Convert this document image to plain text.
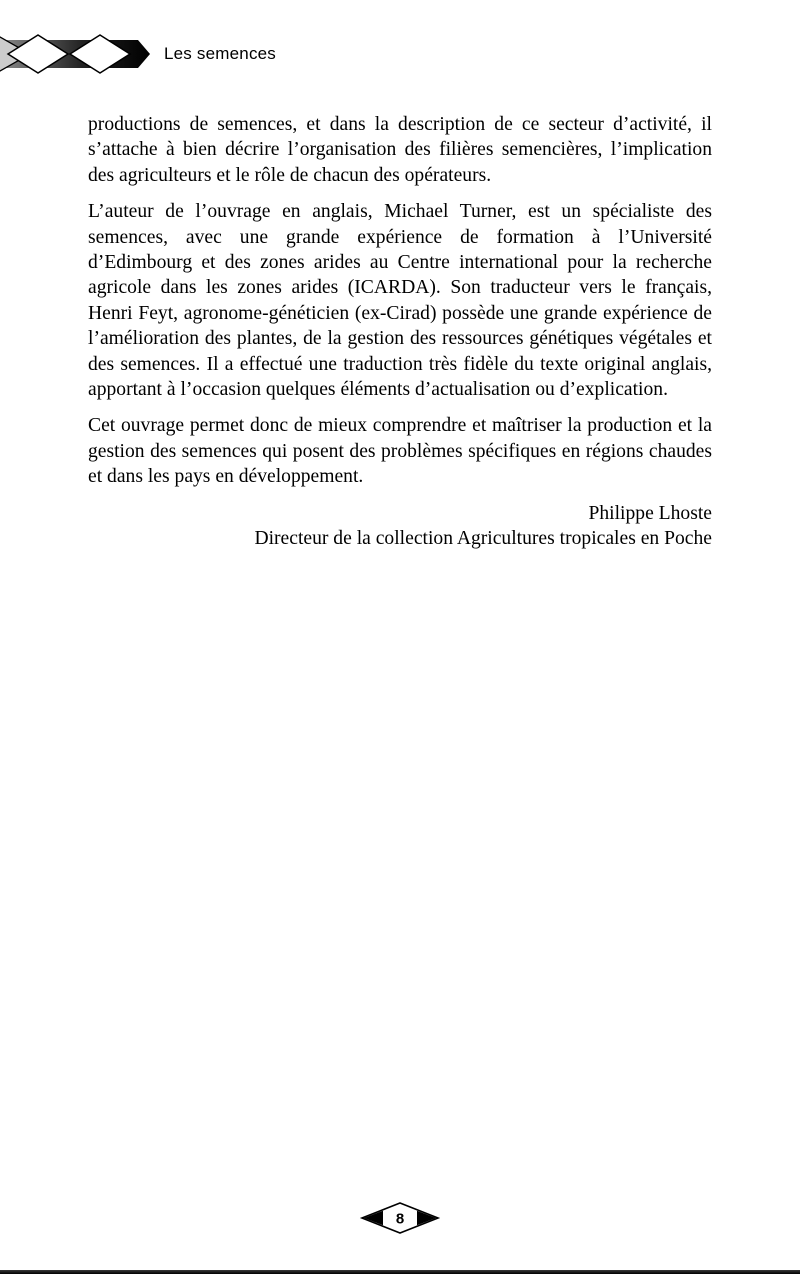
Les semences

productions de semences, et dans la description de ce secteur d’activité, il s’attache à bien décrire l’organisation des filières semencières, l’implication des agriculteurs et le rôle de chacun des opérateurs.

L’auteur de l’ouvrage en anglais, Michael Turner, est un spécialiste des semences, avec une grande expérience de formation à l’Université d’Edimbourg et des zones arides au Centre international pour la recherche agricole dans les zones arides (ICARDA). Son traducteur vers le français, Henri Feyt, agronome-généticien (ex-Cirad) possède une grande expérience de l’amélioration des plantes, de la gestion des ressources génétiques végétales et des semences. Il a effectué une traduction très fidèle du texte original anglais, apportant à l’occasion quelques éléments d’actualisation ou d’explication.

Cet ouvrage permet donc de mieux comprendre et maîtriser la production et la gestion des semences qui posent des problèmes spécifiques en régions chaudes et dans les pays en développement.

Philippe Lhoste
Directeur de la collection Agricultures tropicales en Poche
8
